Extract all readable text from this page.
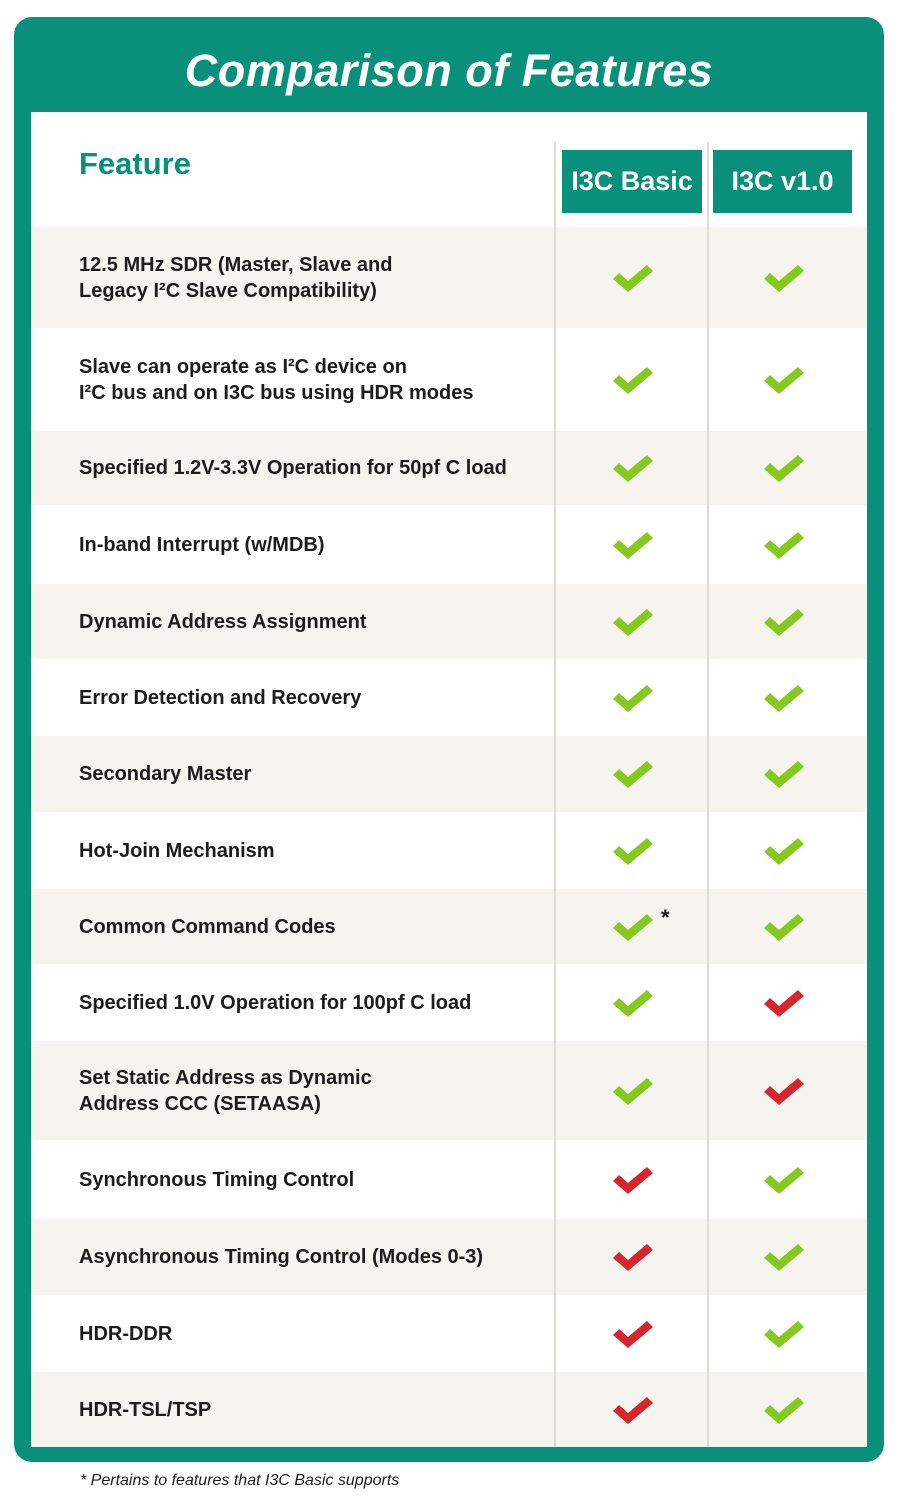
Comparison of Features
Feature	I3C Basic	I3C v1.0
12.5 MHz SDR (Master, Slave and
Legacy I²C Slave Compatibility)
Slave can operate as I²C device on
I²C bus and on I3C bus using HDR modes
Specified 1.2V-3.3V Operation for 50pf C load
In-band Interrupt (w/MDB)
Dynamic Address Assignment
Error Detection and Recovery
Secondary Master
Hot-Join Mechanism
Common Command Codes	*
Specified 1.0V Operation for 100pf C load
Set Static Address as Dynamic
Address CCC (SETAASA)
Synchronous Timing Control
Asynchronous Timing Control (Modes 0-3)
HDR-DDR
HDR-TSL/TSP
* Pertains to features that I3C Basic supports
